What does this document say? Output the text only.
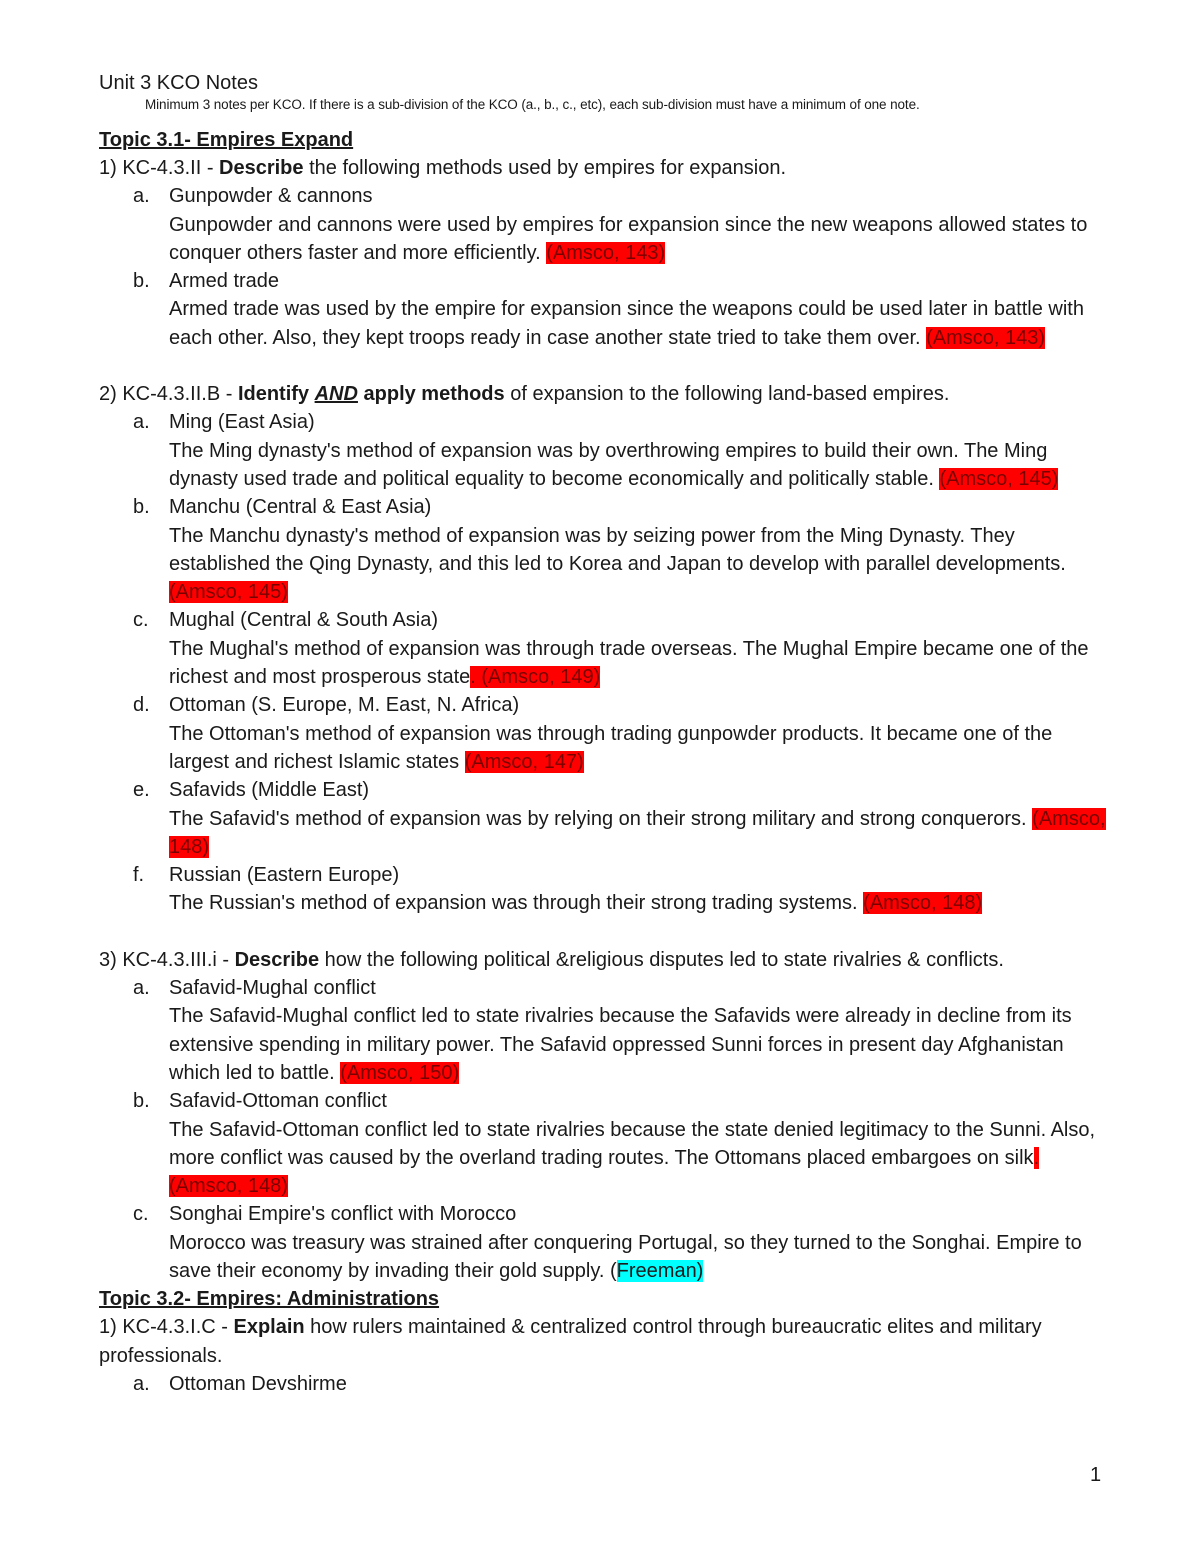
Unit 3 KCO Notes

Minimum 3 notes per KCO. If there is a sub-division of the KCO (a., b., c., etc), each sub-division must have a minimum of one note.

Topic 3.1- Empires Expand

1) KC-4.3.II - Describe the following methods used by empires for expansion.

a. Gunpowder & cannons
Gunpowder and cannons were used by empires for expansion since the new weapons allowed states to conquer others faster and more efficiently. (Amsco, 143)
b. Armed trade
Armed trade was used by the empire for expansion since the weapons could be used later in battle with each other. Also, they kept troops ready in case another state tried to take them over. (Amsco, 143)

2) KC-4.3.II.B - Identify AND apply methods of expansion to the following land-based empires.

a. Ming (East Asia)
The Ming dynasty's method of expansion was by overthrowing empires to build their own. The Ming dynasty used trade and political equality to become economically and politically stable. (Amsco, 145)
b. Manchu (Central & East Asia)
The Manchu dynasty's method of expansion was by seizing power from the Ming Dynasty. They established the Qing Dynasty, and this led to Korea and Japan to develop with parallel developments. (Amsco, 145)
c. Mughal (Central & South Asia)
The Mughal's method of expansion was through trade overseas. The Mughal Empire became one of the richest and most prosperous state. (Amsco, 149)
d. Ottoman (S. Europe, M. East, N. Africa)
The Ottoman's method of expansion was through trading gunpowder products. It became one of the largest and richest Islamic states (Amsco, 147)
e. Safavids (Middle East)
The Safavid's method of expansion was by relying on their strong military and strong conquerors. (Amsco, 148)
f. Russian (Eastern Europe)
The Russian's method of expansion was through their strong trading systems. (Amsco, 148)

3) KC-4.3.III.i - Describe how the following political &religious disputes led to state rivalries & conflicts.

a. Safavid-Mughal conflict
The Safavid-Mughal conflict led to state rivalries because the Safavids were already in decline from its extensive spending in military power. The Safavid oppressed Sunni forces in present day Afghanistan which led to battle. (Amsco, 150)
b. Safavid-Ottoman conflict
The Safavid-Ottoman conflict led to state rivalries because the state denied legitimacy to the Sunni. Also, more conflict was caused by the overland trading routes. The Ottomans placed embargoes on silk. (Amsco, 148)
c. Songhai Empire's conflict with Morocco
Morocco was treasury was strained after conquering Portugal, so they turned to the Songhai. Empire to save their economy by invading their gold supply. (Freeman)

Topic 3.2- Empires: Administrations

1) KC-4.3.I.C - Explain how rulers maintained & centralized control through bureaucratic elites and military professionals.

a. Ottoman Devshirme
1
